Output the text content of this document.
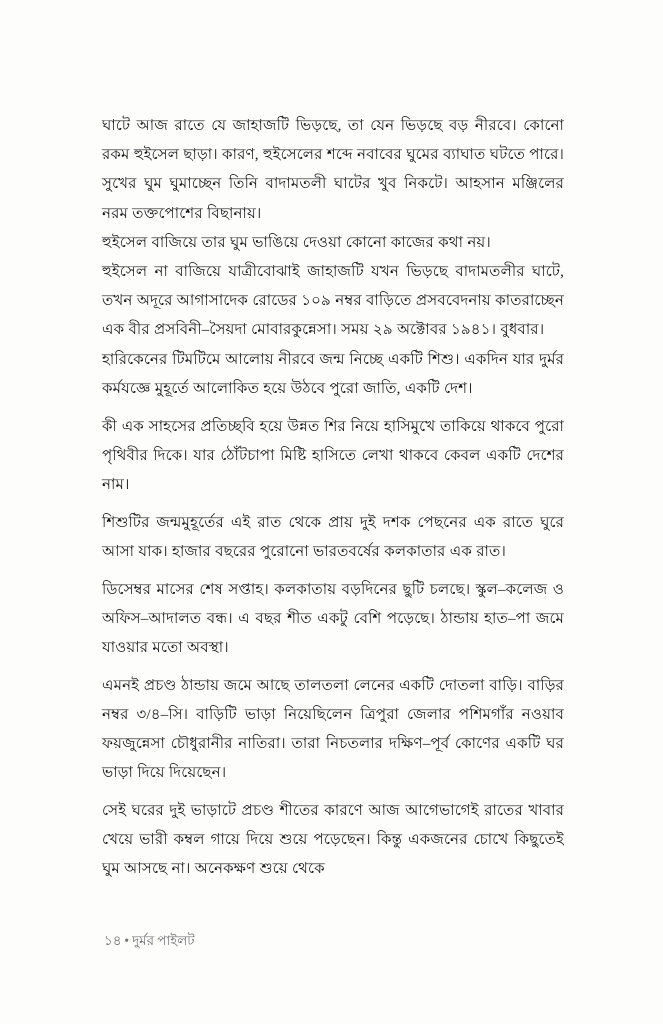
ঘাটে আজ রাতে যে জাহাজটি ভিড়ছে, তা যেন ভিড়ছে বড় নীরবে। কোনো রকম হুইসেল ছাড়া। কারণ, হুইসেলের শব্দে নবাবের ঘুমের ব্যাঘাত ঘটতে পারে। সুখের ঘুম ঘুমাচ্ছেন তিনি বাদামতলী ঘাটের খুব নিকটে। আহসান মঞ্জিলের নরম তক্তপোশের বিছানায়।

হুইসেল বাজিয়ে তার ঘুম ভাঙিয়ে দেওয়া কোনো কাজের কথা নয়।

হুইসেল না বাজিয়ে যাত্রীবোঝাই জাহাজটি যখন ভিড়ছে বাদামতলীর ঘাটে, তখন অদূরে আগাসাদেক রোডের ১০৯ নম্বর বাড়িতে প্রসববেদনায় কাতরাচ্ছেন এক বীর প্রসবিনী–সৈয়দা মোবারকুন্নেসা। সময় ২৯ অক্টোবর ১৯৪১। বুধবার।

হারিকেনের টিমটিমে আলোয় নীরবে জন্ম নিচ্ছে একটি শিশু। একদিন যার দুর্মর কর্মযজ্ঞে মুহূর্তে আলোকিত হয়ে উঠবে পুরো জাতি, একটি দেশ।

কী এক সাহসের প্রতিচ্ছবি হয়ে উন্নত শির নিয়ে হাসিমুখে তাকিয়ে থাকবে পুরো পৃথিবীর দিকে। যার ঠোঁটচাপা মিষ্টি হাসিতে লেখা থাকবে কেবল একটি দেশের নাম।

শিশুটির জন্মমুহূর্তের এই রাত থেকে প্রায় দুই দশক পেছনের এক রাতে ঘুরে আসা যাক। হাজার বছরের পুরোনো ভারতবর্ষের কলকাতার এক রাত।

ডিসেম্বর মাসের শেষ সপ্তাহ। কলকাতায় বড়দিনের ছুটি চলছে। স্কুল–কলেজ ও অফিস–আদালত বন্ধ। এ বছর শীত একটু বেশি পড়েছে। ঠান্ডায় হাত–পা জমে যাওয়ার মতো অবস্থা।

এমনই প্রচণ্ড ঠান্ডায় জমে আছে তালতলা লেনের একটি দোতলা বাড়ি। বাড়ির নম্বর ৩/৪–সি। বাড়িটি ভাড়া নিয়েছিলেন ত্রিপুরা জেলার পশিমগাঁর নওয়াব ফয়জুন্নেসা চৌধুরানীর নাতিরা। তারা নিচতলার দক্ষিণ–পূর্ব কোণের একটি ঘর ভাড়া দিয়ে দিয়েছেন।

সেই ঘরের দুই ভাড়াটে প্রচণ্ড শীতের কারণে আজ আগেভাগেই রাতের খাবার খেয়ে ভারী কম্বল গায়ে দিয়ে শুয়ে পড়েছেন। কিন্তু একজনের চোখে কিছুতেই ঘুম আসছে না। অনেকক্ষণ শুয়ে থেকে

১৪ • দুর্মর পাইলট
